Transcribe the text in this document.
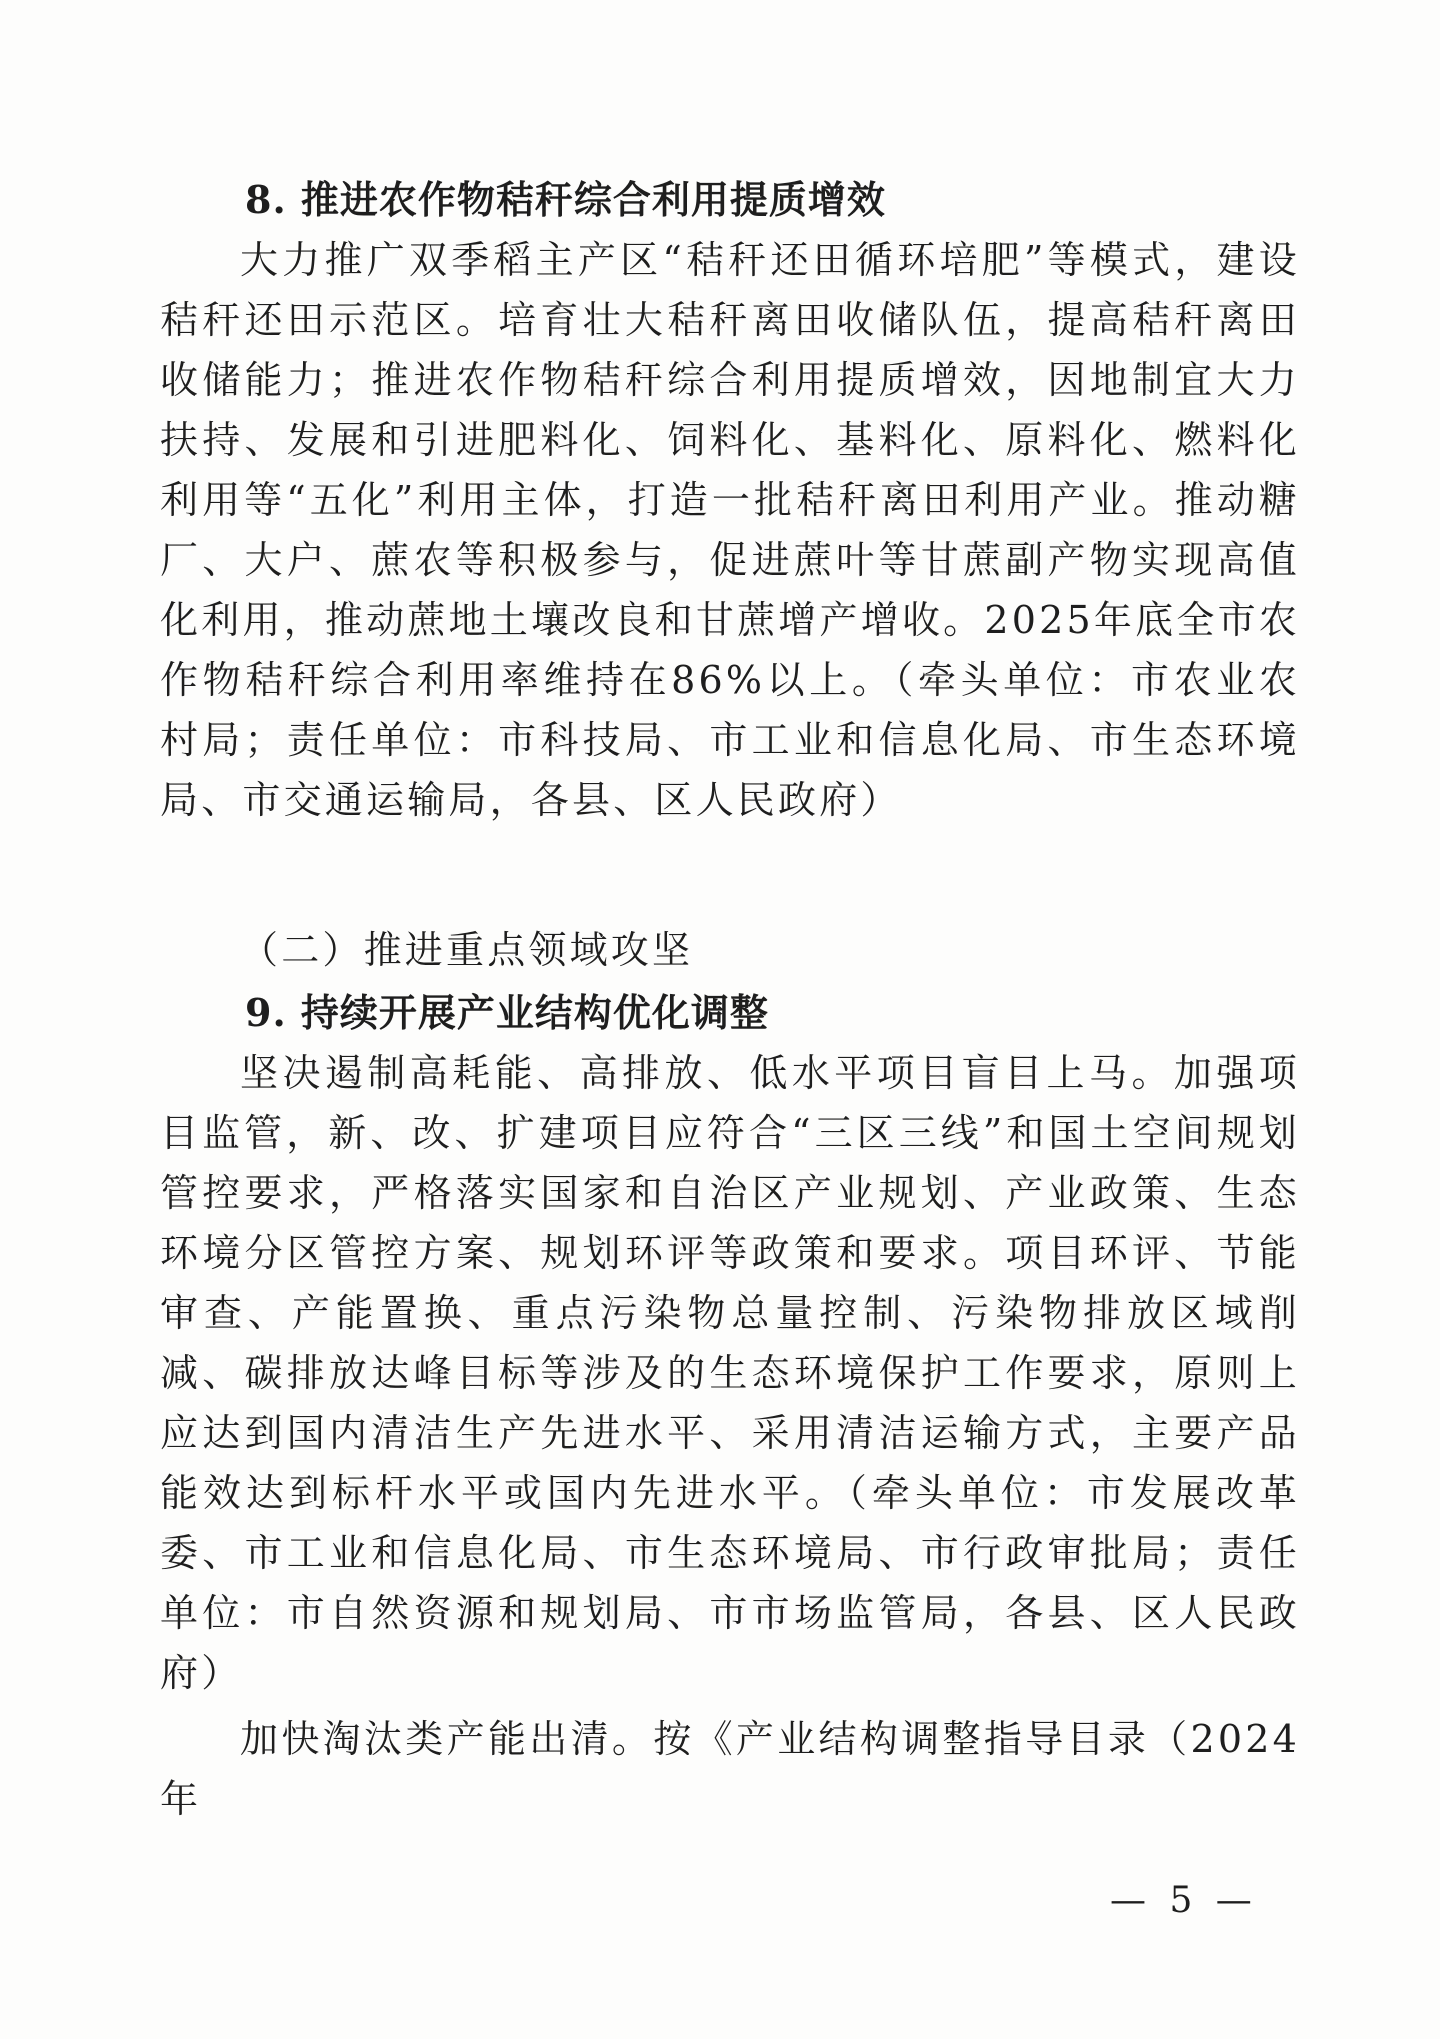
8. 推进农作物秸秆综合利用提质增效

大力推广双季稻主产区“秸秆还田循环培肥”等模式，建设秸秆还田示范区。培育壮大秸秆离田收储队伍，提高秸秆离田收储能力；推进农作物秸秆综合利用提质增效，因地制宜大力扶持、发展和引进肥料化、饲料化、基料化、原料化、燃料化利用等“五化”利用主体，打造一批秸秆离田利用产业。推动糖厂、大户、蔗农等积极参与，促进蔗叶等甘蔗副产物实现高值化利用，推动蔗地土壤改良和甘蔗增产增收。2025年底全市农作物秸秆综合利用率维持在86%以上。（牵头单位：市农业农村局；责任单位：市科技局、市工业和信息化局、市生态环境局、市交通运输局，各县、区人民政府）

（二）推进重点领域攻坚

9. 持续开展产业结构优化调整

坚决遏制高耗能、高排放、低水平项目盲目上马。加强项目监管，新、改、扩建项目应符合“三区三线”和国土空间规划管控要求，严格落实国家和自治区产业规划、产业政策、生态环境分区管控方案、规划环评等政策和要求。项目环评、节能审查、产能置换、重点污染物总量控制、污染物排放区域削减、碳排放达峰目标等涉及的生态环境保护工作要求，原则上应达到国内清洁生产先进水平、采用清洁运输方式，主要产品能效达到标杆水平或国内先进水平。（牵头单位：市发展改革委、市工业和信息化局、市生态环境局、市行政审批局；责任单位：市自然资源和规划局、市市场监管局，各县、区人民政府）

加快淘汰类产能出清。按《产业结构调整指导目录（2024年

— 5 —
